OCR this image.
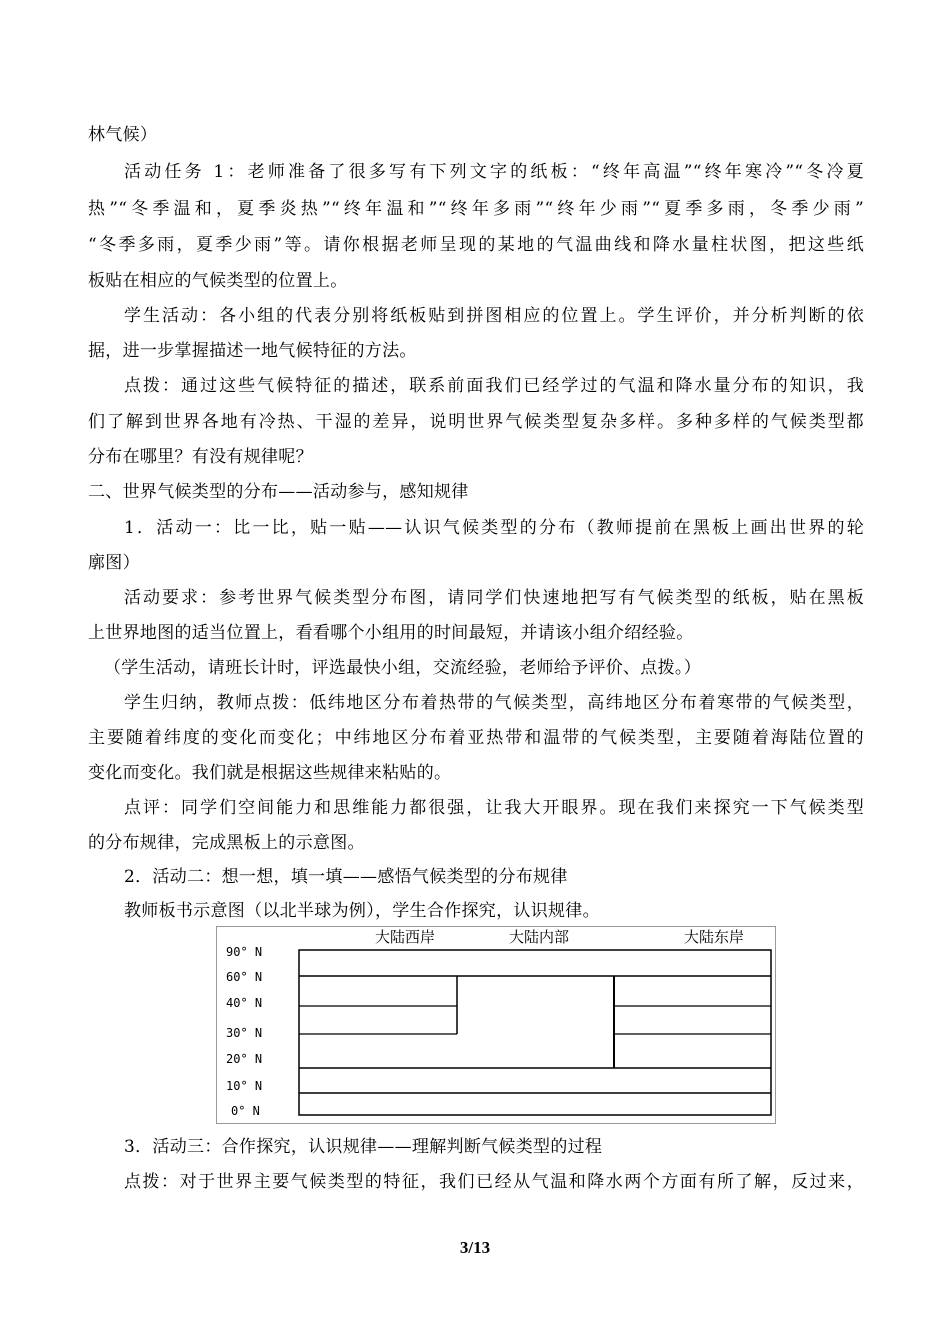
林气候）
活动任务 1：老师准备了很多写有下列文字的纸板：“终年高温”“终年寒冷”“冬冷夏
热”“冬季温和，夏季炎热”“终年温和”“终年多雨”“终年少雨”“夏季多雨，冬季少雨”
“冬季多雨，夏季少雨”等。请你根据老师呈现的某地的气温曲线和降水量柱状图，把这些纸
板贴在相应的气候类型的位置上。
学生活动：各小组的代表分别将纸板贴到拼图相应的位置上。学生评价，并分析判断的依
据，进一步掌握描述一地气候特征的方法。
点拨：通过这些气候特征的描述，联系前面我们已经学过的气温和降水量分布的知识，我
们了解到世界各地有冷热、干湿的差异，说明世界气候类型复杂多样。多种多样的气候类型都
分布在哪里？有没有规律呢？
二、世界气候类型的分布——活动参与，感知规律
1．活动一：比一比，贴一贴——认识气候类型的分布（教师提前在黑板上画出世界的轮
廓图）
活动要求：参考世界气候类型分布图，请同学们快速地把写有气候类型的纸板，贴在黑板
上世界地图的适当位置上，看看哪个小组用的时间最短，并请该小组介绍经验。
（学生活动，请班长计时，评选最快小组，交流经验，老师给予评价、点拨。）
学生归纳，教师点拨：低纬地区分布着热带的气候类型，高纬地区分布着寒带的气候类型，
主要随着纬度的变化而变化；中纬地区分布着亚热带和温带的气候类型，主要随着海陆位置的
变化而变化。我们就是根据这些规律来粘贴的。
点评：同学们空间能力和思维能力都很强，让我大开眼界。现在我们来探究一下气候类型
的分布规律，完成黑板上的示意图。
2．活动二：想一想，填一填——感悟气候类型的分布规律
教师板书示意图（以北半球为例），学生合作探究，认识规律。
大陆西岸	大陆内部	大陆东岸
90° N
60° N
40° N
30° N
20° N
10° N
0° N
3．活动三：合作探究，认识规律——理解判断气候类型的过程
点拨：对于世界主要气候类型的特征，我们已经从气温和降水两个方面有所了解，反过来，
3/13
